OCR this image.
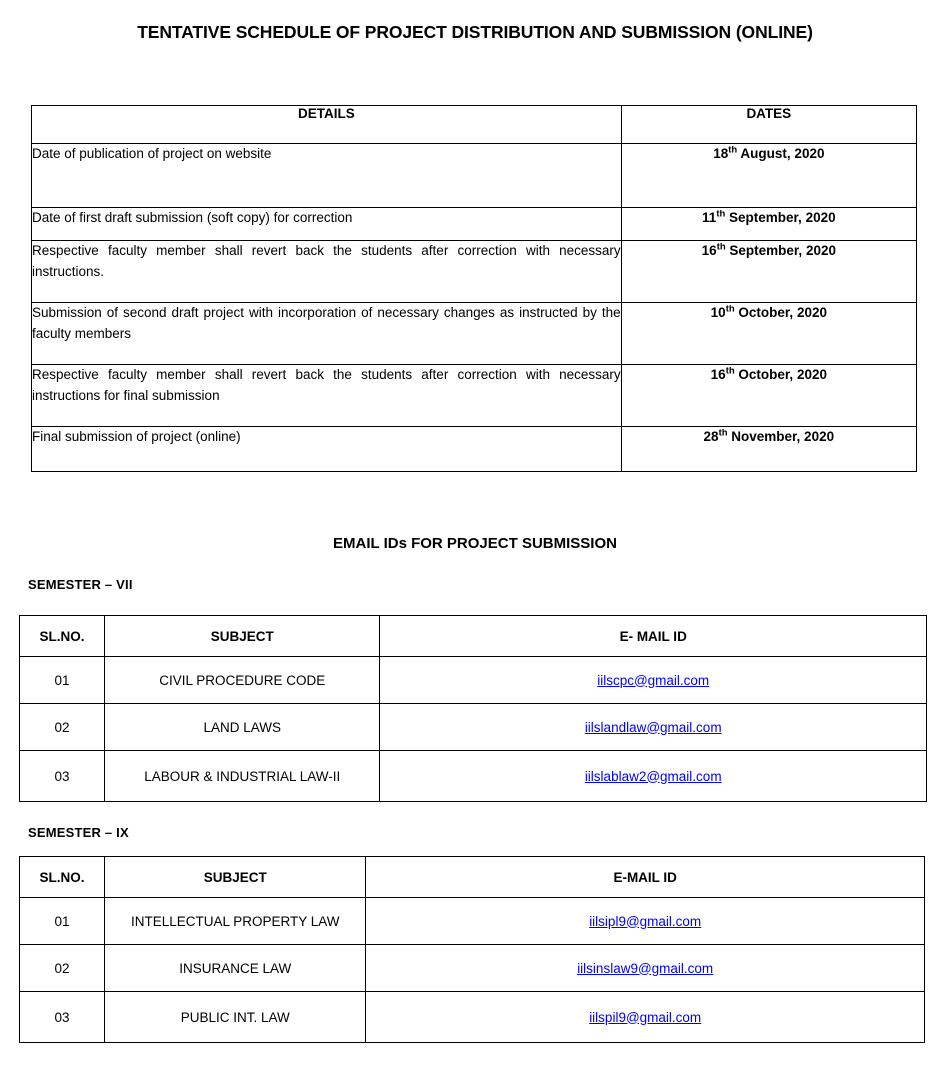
TENTATIVE SCHEDULE OF PROJECT DISTRIBUTION AND SUBMISSION (ONLINE)
DETAILS	DATES
Date of publication of project on website	18th August, 2020
Date of first draft submission (soft copy) for correction	11th September, 2020
Respective faculty member shall revert back the students after correction with necessary instructions.	16th September, 2020
Submission of second draft project with incorporation of necessary changes as instructed by the faculty members	10th October, 2020
Respective faculty member shall revert back the students after correction with necessary instructions for final submission	16th October, 2020
Final submission of project (online)	28th November, 2020
EMAIL IDs FOR PROJECT SUBMISSION
SEMESTER – VII
SL.NO.	SUBJECT	E- MAIL ID
01	CIVIL PROCEDURE CODE	iilscpc@gmail.com
02	LAND LAWS	iilslandlaw@gmail.com
03	LABOUR & INDUSTRIAL LAW-II	iilslablaw2@gmail.com
SEMESTER – IX
SL.NO.	SUBJECT	E-MAIL ID
01	INTELLECTUAL PROPERTY LAW	iilsipl9@gmail.com
02	INSURANCE LAW	iilsinslaw9@gmail.com
03	PUBLIC INT. LAW	iilspil9@gmail.com
